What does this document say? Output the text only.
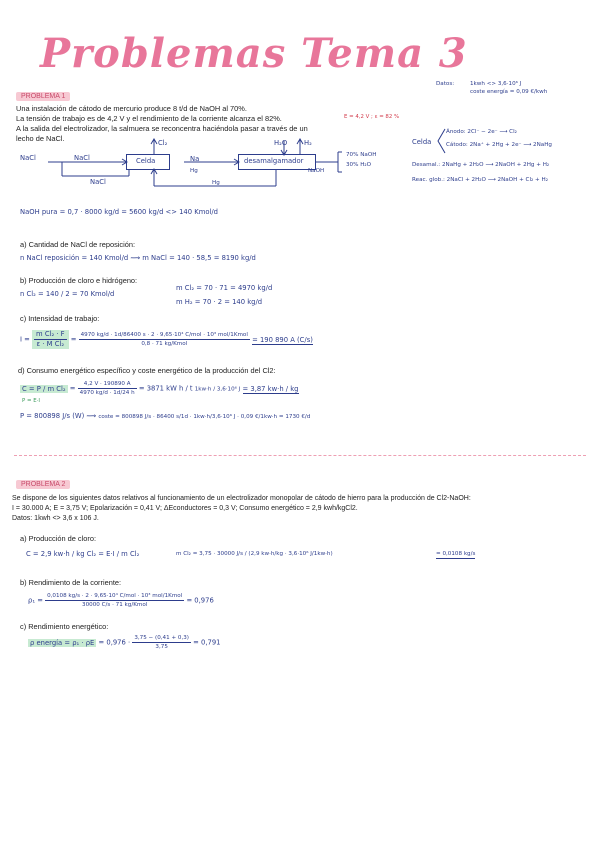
Problemas Tema 3
PROBLEMA 1
Una instalación de cátodo de mercurio produce 8 t/d de NaOH al 70%.
La tensión de trabajo es de 4,2 V y el rendimiento de la corriente alcanza el 82%.
A la salida del electrolizador, la salmuera se reconcentra haciéndola pasar a través de un
lecho de NaCl.
E = 4,2 V ; ε = 82 %
Datos:	1kwh <> 3,6·10⁶ J
coste energía = 0,09 €/kwh
Celda
Ánodo: 2Cl⁻ − 2e⁻ ⟶ Cl₂
Cátodo: 2Na⁺ + 2Hg + 2e⁻ ⟶ 2NaHg
Desamal.: 2NaHg + 2H₂O ⟶ 2NaOH + 2Hg + H₂
Reac. glob.: 2NaCl + 2H₂O ⟶ 2NaOH + Cl₂ + H₂
Celda	desamalgamador
NaCl	NaCl
NaCl
Cl₂	H₂O H₂
Na
Hg
Hg
NaOH
70% NaOH
30% H₂O
NaOH pura = 0,7 · 8000 kg/d = 5600 kg/d <> 140 Kmol/d
a) Cantidad de NaCl de reposición:
n NaCl reposición = 140 Kmol/d ⟿ m NaCl = 140 · 58,5 = 8190 kg/d
b) Producción de cloro e hidrógeno:
n Cl₂ = 140 / 2 = 70 Kmol/d
m Cl₂ = 70 · 71 = 4970 kg/d
m H₂ = 70 · 2 = 140 kg/d
c) Intensidad de trabajo:
$I = \frac{\text{m Cl₂ · F}}{\text{ε · M Cl₂}} = \frac{\text{4970 kg/d · 1d/86400 s · 2 · 9,65·10⁴ C/mol · 10³ mol/1Kmol}}{\text{0,8 · 71 kg/Kmol}} = 190$ 890 A (C/s)
d) Consumo energético específico y coste energético de la producción del Cl2:
C = P / m $Cl_2 = \frac{4,2 V \cdot 190890 A}{4970 kg/d \cdot 1d/24 h} = 3871$ kW h / t 1kw·h / 3,6·10⁶ J = 3,87 kw·h / kg
P = E·I
P = 800898 J/s (W) ⟿ coste = 800898 J/s · 86400 s/1d · 1kw·h/3,6·10⁶ J · 0,09 €/1kw·h = 1730 €/d
PROBLEMA 2
Se dispone de los siguientes datos relativos al funcionamiento de un electrolizador monopolar de cátodo de hierro para la producción de Cl2-NaOH:
I = 30.000 A; E = 3,75 V; Epolarización = 0,41 V; ΔEconductores = 0,3 V; Consumo energético = 2,9 kwh/kgCl2.
Datos: 1kwh <> 3,6 x 106 J.
a) Producción de cloro:
C = 2,9 kw·h / kg Cl₂ = E·I / m Cl₂	m Cl₂ = 3,75 · 30000 J/s / (2,9 kw·h/kg · 3,6·10⁶ J/1kw·h)	= 0,0108 kg/s
b) Rendimiento de la corriente:
$\rho_1 = \frac{\text{0,0108 kg/s · 2 · 9,65·10⁴ C/mol · 10³ mol/1Kmol}}{\text{30000 C/s · 71 kg/Kmol}} = 0,976$
c) Rendimiento energético:
ρ energía = $\rho_1 \cdot \rho E = 0,976 \cdot \frac{3,75 - (0,41 + 0,3)}{3,75} = 0,791$
